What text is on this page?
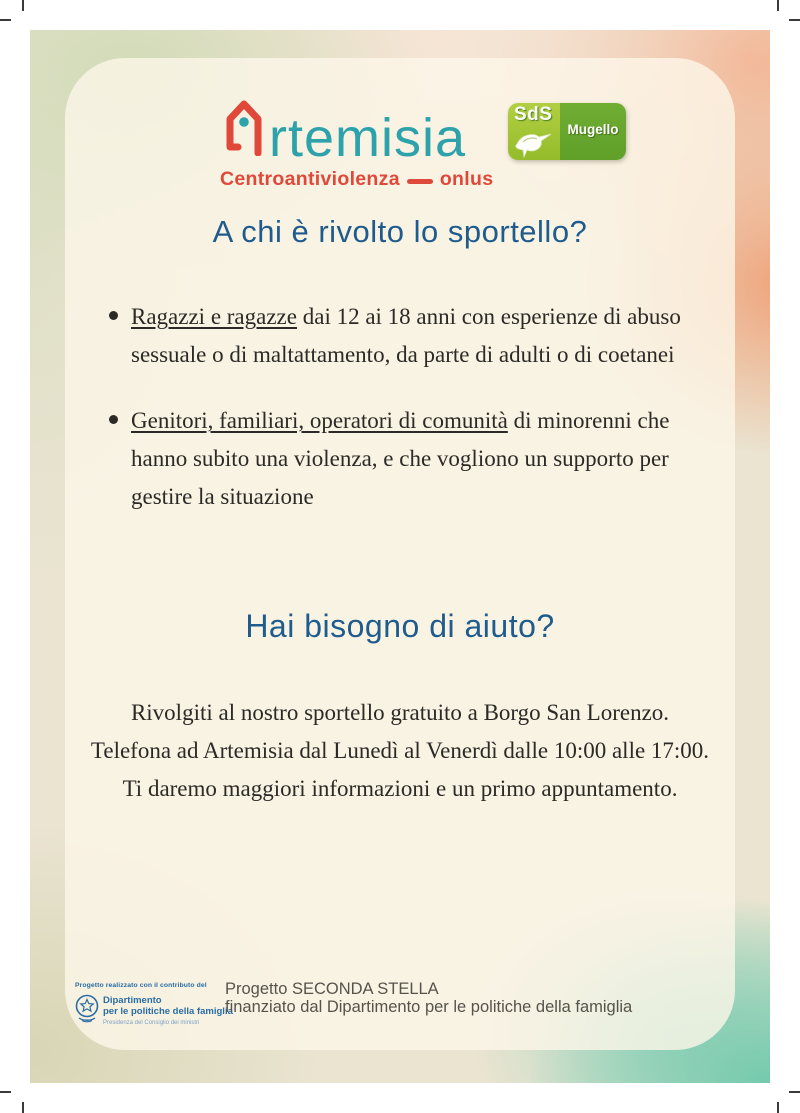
rtemisia
Centroantiviolenza onlus
SdS
Mugello
A chi è rivolto lo sportello?
Ragazzi e ragazze dai 12 ai 18 anni con esperienze di abuso sessuale o di maltattamento, da parte di adulti o di coetanei
Genitori, familiari, operatori di comunità di minorenni che hanno subito una violenza, e che vogliono un supporto per gestire la situazione
Hai bisogno di aiuto?
Rivolgiti al nostro sportello gratuito a Borgo San Lorenzo.
Telefona ad Artemisia dal Lunedì al Venerdì dalle 10:00 alle 17:00.
Ti daremo maggiori informazioni e un primo appuntamento.
Progetto realizzato con il contributo del
Dipartimento
per le politiche della famiglia
Presidenza del Consiglio dei ministri
Progetto SECONDA STELLA
finanziato dal Dipartimento per le politiche della famiglia
